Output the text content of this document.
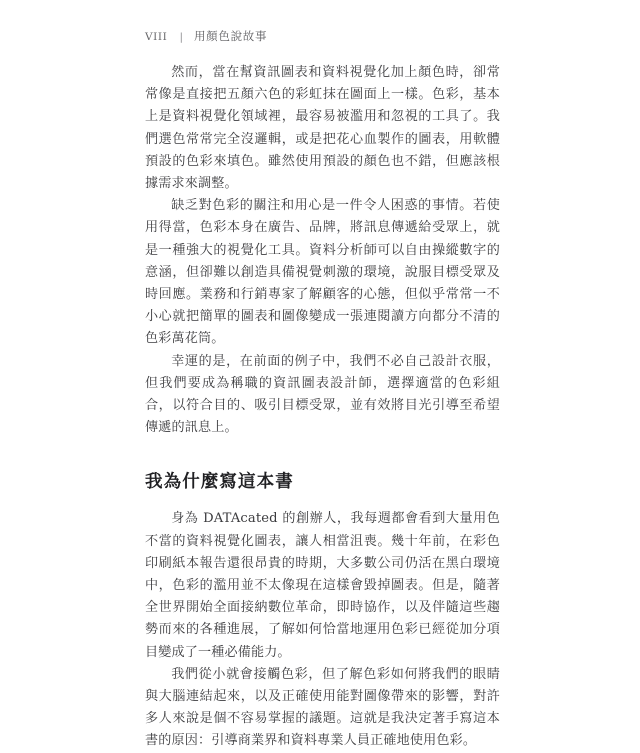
VIII | 用顏色說故事

然而，當在幫資訊圖表和資料視覺化加上顏色時，卻常常像是直接把五顏六色的彩虹抹在圖面上一樣。色彩，基本上是資料視覺化領域裡，最容易被濫用和忽視的工具了。我們選色常常完全沒邏輯，或是把花心血製作的圖表，用軟體預設的色彩來填色。雖然使用預設的顏色也不錯，但應該根據需求來調整。

缺乏對色彩的關注和用心是一件令人困惑的事情。若使用得當，色彩本身在廣告、品牌，將訊息傳遞給受眾上，就是一種強大的視覺化工具。資料分析師可以自由操縱數字的意涵，但卻難以創造具備視覺刺激的環境，說服目標受眾及時回應。業務和行銷專家了解顧客的心態，但似乎常常一不小心就把簡單的圖表和圖像變成一張連閱讀方向都分不清的色彩萬花筒。

幸運的是，在前面的例子中，我們不必自己設計衣服，但我們要成為稱職的資訊圖表設計師，選擇適當的色彩組合，以符合目的、吸引目標受眾，並有效將目光引導至希望傳遞的訊息上。

我為什麼寫這本書

身為 DATAcated 的創辦人，我每週都會看到大量用色不當的資料視覺化圖表，讓人相當沮喪。幾十年前，在彩色印刷紙本報告還很昂貴的時期，大多數公司仍活在黑白環境中，色彩的濫用並不太像現在這樣會毀掉圖表。但是，隨著全世界開始全面接納數位革命，即時協作，以及伴隨這些趨勢而來的各種進展，了解如何恰當地運用色彩已經從加分項目變成了一種必備能力。

我們從小就會接觸色彩，但了解色彩如何將我們的眼睛與大腦連結起來，以及正確使用能對圖像帶來的影響，對許多人來說是個不容易掌握的議題。這就是我決定著手寫這本書的原因：引導商業界和資料專業人員正確地使用色彩。
